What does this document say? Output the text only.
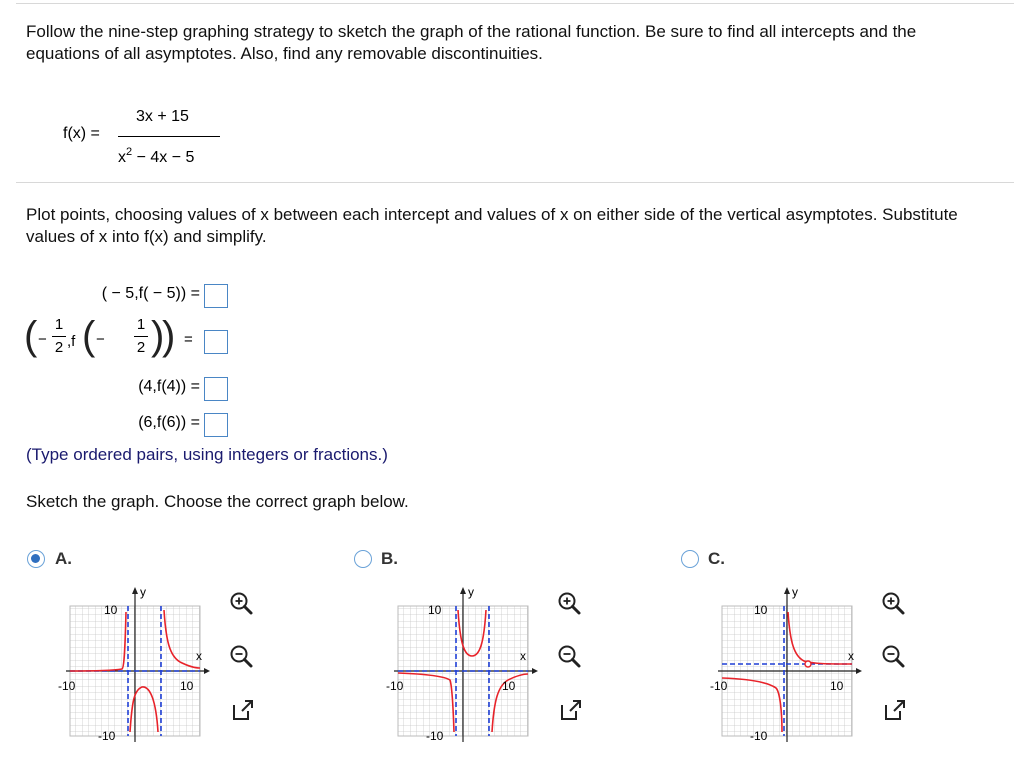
Follow the nine-step graphing strategy to sketch the graph of the rational function. Be sure to find all intercepts and the equations of all asymptotes. Also, find any removable discontinuities.
f(x) =
3x + 15
$x^2 - 4x - 5$
Plot points, choosing values of x between each intercept and values of x on either side of the vertical asymptotes. Substitute values of x into f(x) and simplify.
( − 5,f( − 5)) =
( −
1
2 ,f ( −
1
2 )
) =
(4,f(4)) =
(6,f(6)) =
(Type ordered pairs, using integers or fractions.)
Sketch the graph. Choose the correct graph below.
A.	B.	C.
y
x
10
-10	10
-10
y
x
10
-10	10
-10
y
x
10
-10	10
-10
